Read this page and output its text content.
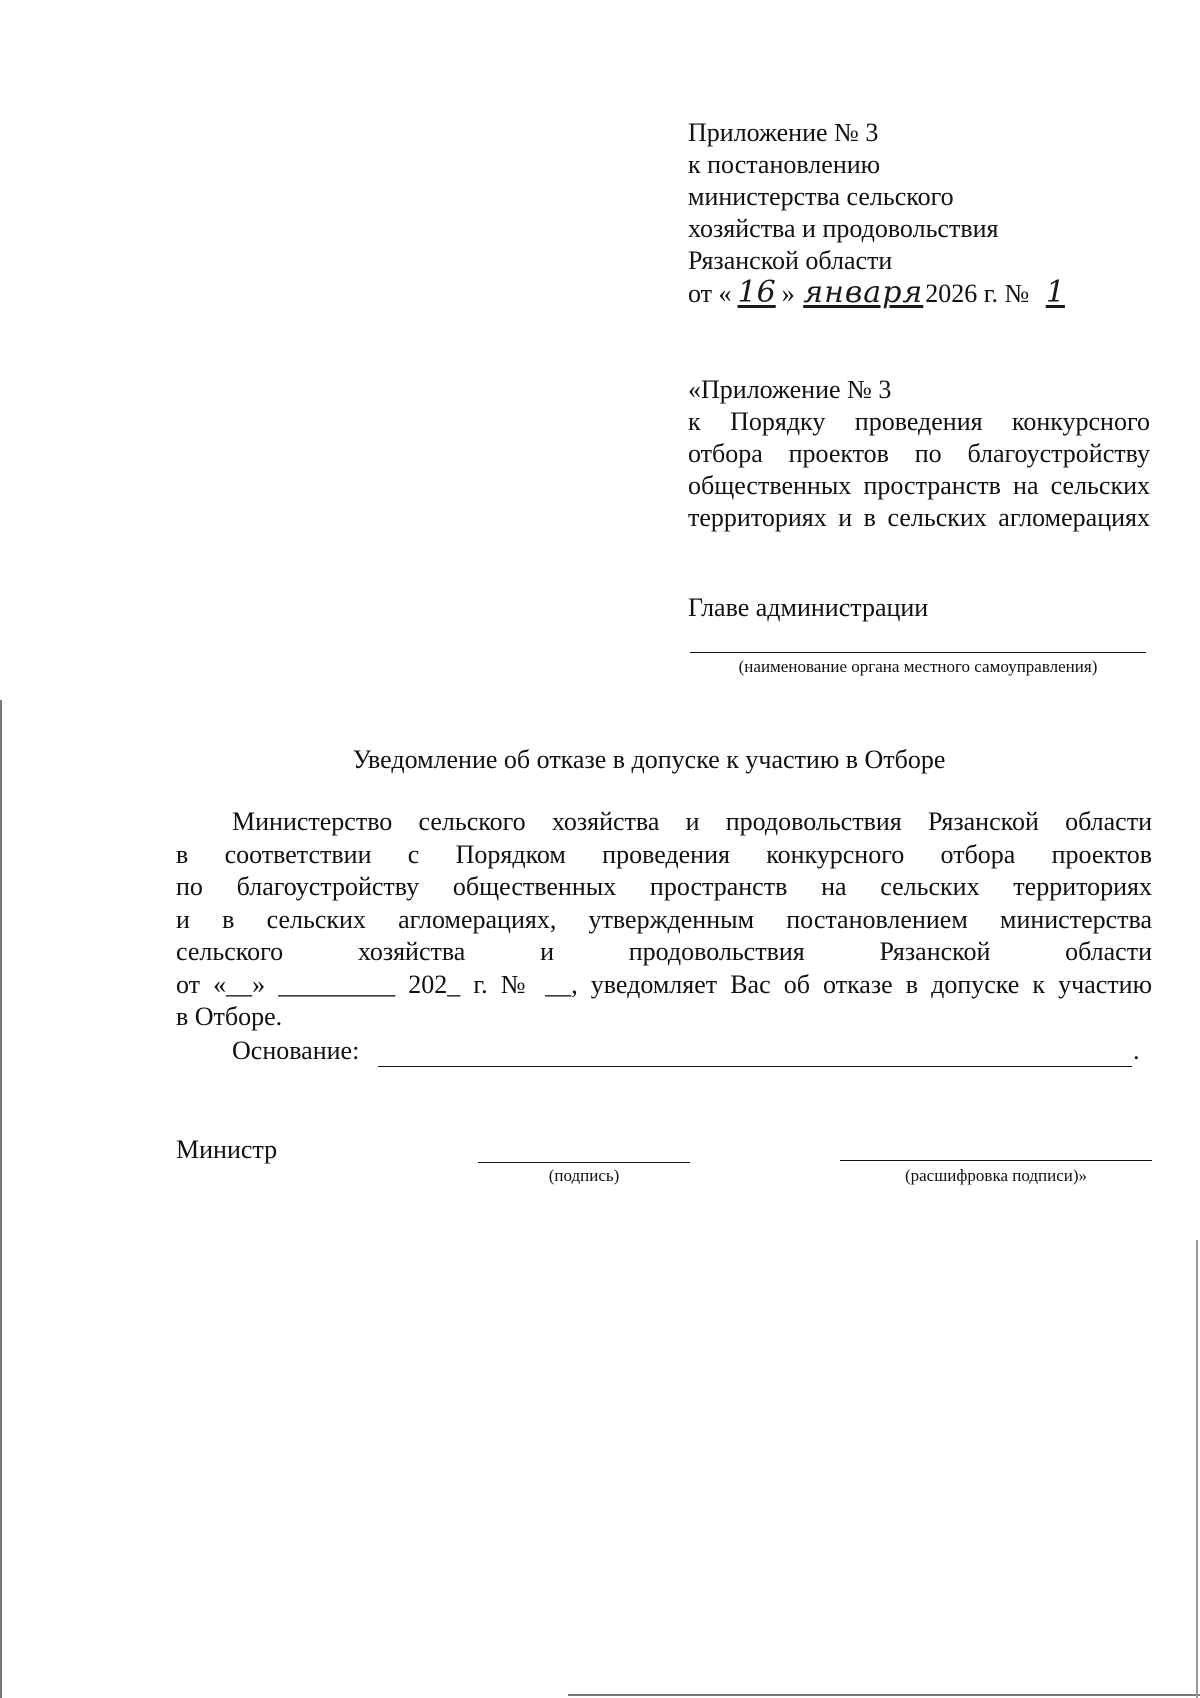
Приложение № 3
к постановлению
министерства сельского
хозяйства и продовольствия
Рязанской области
от « 16 » января2026 г. № 1
«Приложение № 3
к Порядку проведения конкурсного
отбора проектов по благоустройству
общественных пространств на сельских
территориях и в сельских агломерациях
Главе администрации
(наименование органа местного самоуправления)
Уведомление об отказе в допуске к участию в Отборе
Министерство сельского хозяйства и продовольствия Рязанской области
в соответствии с Порядком проведения конкурсного отбора проектов
по благоустройству общественных пространств на сельских территориях
и в сельских агломерациях, утвержденным постановлением министерства
сельского хозяйства и продовольствия Рязанской области
от «__» _________ 202_ г. № __, уведомляет Вас об отказе в допуске к участию
в Отборе.
Основание:	.
Министр
(подпись)	(расшифровка подписи)»
